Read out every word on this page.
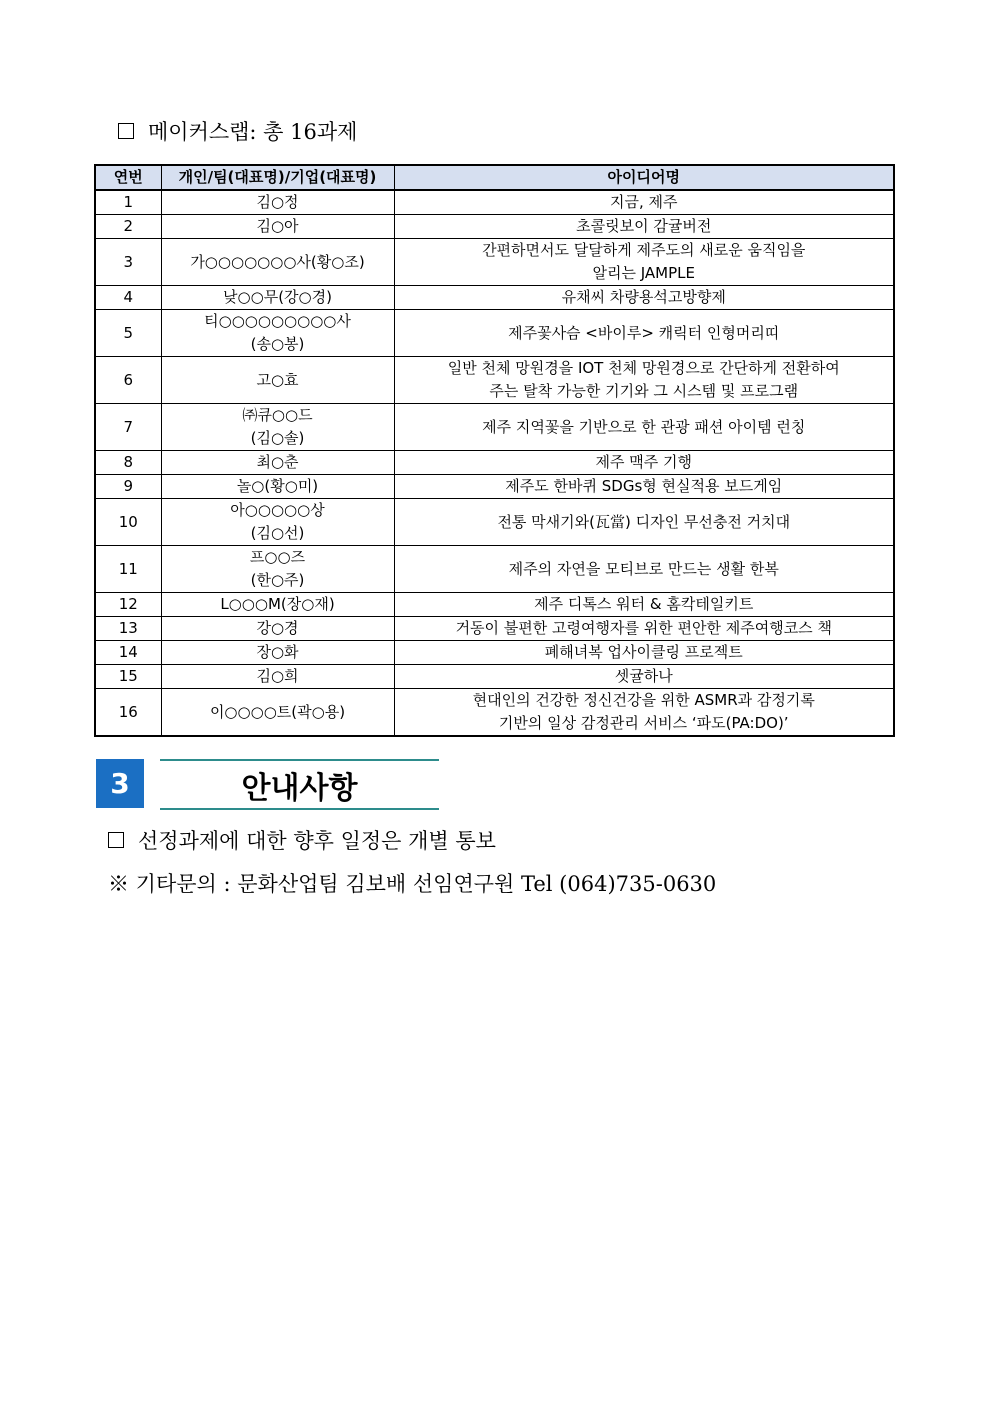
메이커스랩: 총 16과제
연번	개인/팀(대표명)/기업(대표명)	아이디어명

1	김○정	지금, 제주

2	김○아	초콜릿보이 감귤버전

3	가○○○○○○○사(황○조)	간편하면서도 달달하게 제주도의 새로운 움직임을
알리는 JAMPLE

4	낮○○무(강○경)	유채씨 차량용석고방향제

5	티○○○○○○○○○사
(송○봉)	제주꽃사슴 <바이루> 캐릭터 인형머리띠

6	고○효	일반 천체 망원경을 IOT 천체 망원경으로 간단하게 전환하여
주는 탈착 가능한 기기와 그 시스템 및 프로그램

7	㈜큐○○드
(김○솔)	제주 지역꽃을 기반으로 한 관광 패션 아이템 런칭

8	최○춘	제주 맥주 기행

9	놀○(황○미)	제주도 한바퀴 SDGs형 현실적용 보드게임

10	아○○○○○상
(김○선)	전통 막새기와(瓦當) 디자인 무선충전 거치대

11	프○○즈
(한○주)	제주의 자연을 모티브로 만드는 생활 한복

12	L○○○M(장○재)	제주 디톡스 워터 & 홈칵테일키트

13	강○경	거동이 불편한 고령여행자를 위한 편안한 제주여행코스 책

14	장○화	폐해녀복 업사이클링 프로젝트

15	김○희	셋귤하나

16	이○○○○트(곽○용)	현대인의 건강한 정신건강을 위한 ASMR과 감정기록
기반의 일상 감정관리 서비스 ‘파도(PA:DO)’
3	안내사항
선정과제에 대한 향후 일정은 개별 통보
※ 기타문의 : 문화산업팀 김보배 선임연구원 Tel (064)735-0630
